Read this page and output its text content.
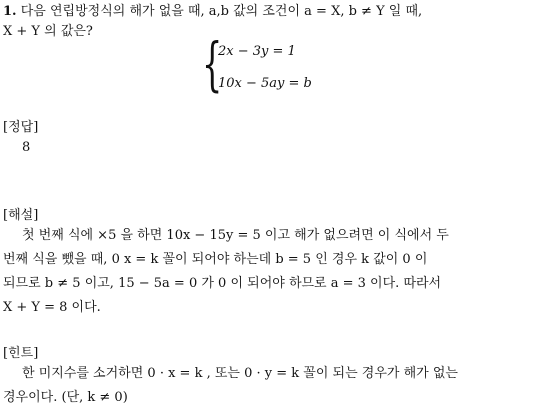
1. 다음 연립방정식의 해가 없을 때, a,b 값의 조건이 a = X, b ≠ Y 일 때,
X + Y 의 값은? {
2x − 3y = 1
10x − 5ay = b
[정답]
8
[해설]
첫 번째 식에 ×5 을 하면 10x − 15y = 5 이고 해가 없으려면 이 식에서 두
번째 식을 뺐을 때, 0 x = k 꼴이 되어야 하는데 b = 5 인 경우 k 값이 0 이
되므로 b ≠ 5 이고, 15 − 5a = 0 가 0 이 되어야 하므로 a = 3 이다. 따라서
X + Y = 8 이다.
[힌트]
한 미지수를 소거하면 0 · x = k , 또는 0 · y = k 꼴이 되는 경우가 해가 없는
경우이다. (단, k ≠ 0)
